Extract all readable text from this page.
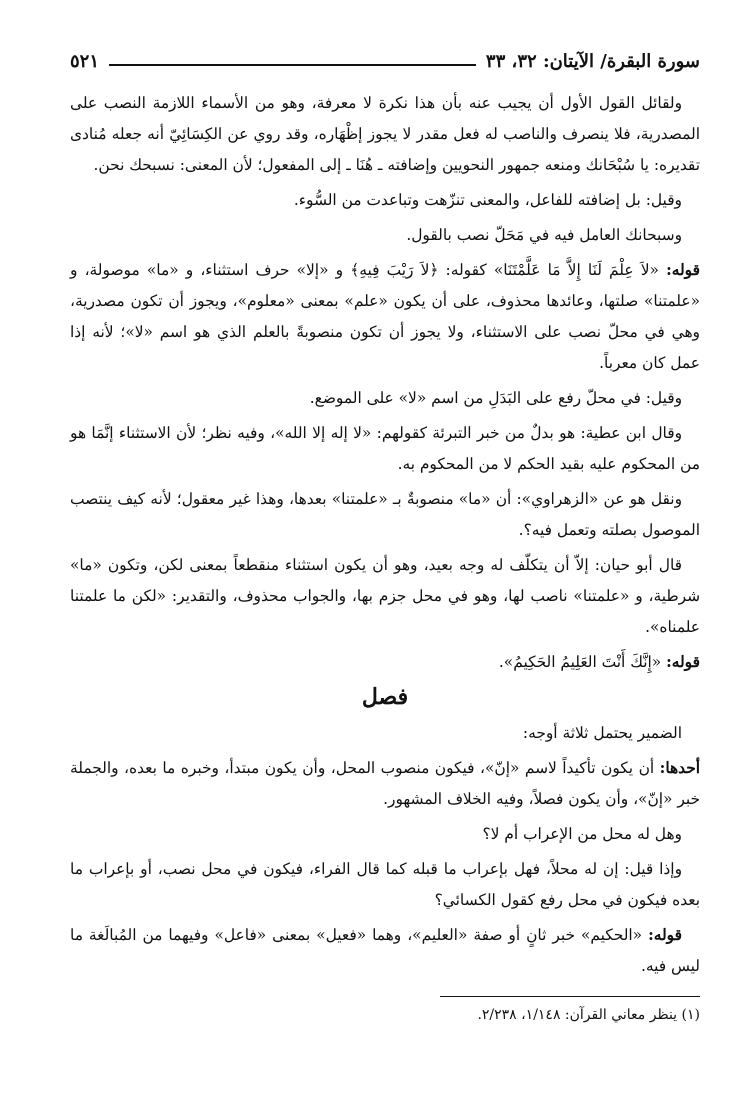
سورة البقرة/ الآيتان: ٣٢، ٣٣
٥٢١

ولقائل القول الأول أن يجيب عنه بأن هذا نكرة لا معرفة، وهو من الأسماء اللازمة النصب على المصدرية، فلا ينصرف والناصب له فعل مقدر لا يجوز إظْهَاره، وقد روي عن الكِسَائِيّ أنه جعله مُنادى تقديره: يا سُبْحَانك ومنعه جمهور النحويين وإضافته ـ هُنَا ـ إلى المفعول؛ لأن المعنى: نسبحك نحن.

وقيل: بل إضافته للفاعل، والمعنى تنزّهت وتباعدت من السُّوء.

وسبحانك العامل فيه في مَحَلّ نصب بالقول.

قوله: «لاَ عِلْمَ لَنَا إِلاَّ مَا عَلَّمْتَنَا» كقوله: ﴿لاَ رَيْبَ فِيهِ﴾ و «إلا» حرف استثناء، و «ما» موصولة، و «علمتنا» صلتها، وعائدها محذوف، على أن يكون «علم» بمعنى «معلوم»، ويجوز أن تكون مصدرية، وهي في محلّ نصب على الاستثناء، ولا يجوز أن تكون منصوبةً بالعلم الذي هو اسم «لا»؛ لأنه إذا عمل كان معرباً.

وقيل: في محلّ رفع على البَدَلِ من اسم «لا» على الموضع.

وقال ابن عطية: هو بدلٌ من خبر التبرئة كقولهم: «لا إله إلا الله»، وفيه نظر؛ لأن الاستثناء إنَّمَا هو من المحكوم عليه بقيد الحكم لا من المحكوم به.

ونقل هو عن «الزهراوي»: أن «ما» منصوبةٌ بـ «علمتنا» بعدها، وهذا غير معقول؛ لأنه كيف ينتصب الموصول بصلته وتعمل فيه؟.

قال أبو حيان: إلاّ أن يتكلّف له وجه بعيد، وهو أن يكون استثناء منقطعاً بمعنى لكن، وتكون «ما» شرطية، و «علمتنا» ناصب لها، وهو في محل جزم بها، والجواب محذوف، والتقدير: «لكن ما علمتنا علمناه».

قوله: «إِنَّكَ أَنْتَ العَلِيمُ الحَكِيمُ».

فصل

الضمير يحتمل ثلاثة أوجه:

أحدها: أن يكون تأكيداً لاسم «إنّ»، فيكون منصوب المحل، وأن يكون مبتدأ، وخبره ما بعده، والجملة خبر «إنّ»، وأن يكون فصلاً، وفيه الخلاف المشهور.

وهل له محل من الإعراب أم لا؟

وإذا قيل: إن له محلاً، فهل بإعراب ما قبله كما قال الفراء، فيكون في محل نصب، أو بإعراب ما بعده فيكون في محل رفع كقول الكسائي؟

قوله: «الحكيم» خبر ثانٍ أو صفة «العليم»، وهما «فعيل» بمعنى «فاعل» وفيهما من المُبالَغة ما ليس فيه.

(١) ينظر معاني القرآن: ١/١٤٨، ٢/٢٣٨.
